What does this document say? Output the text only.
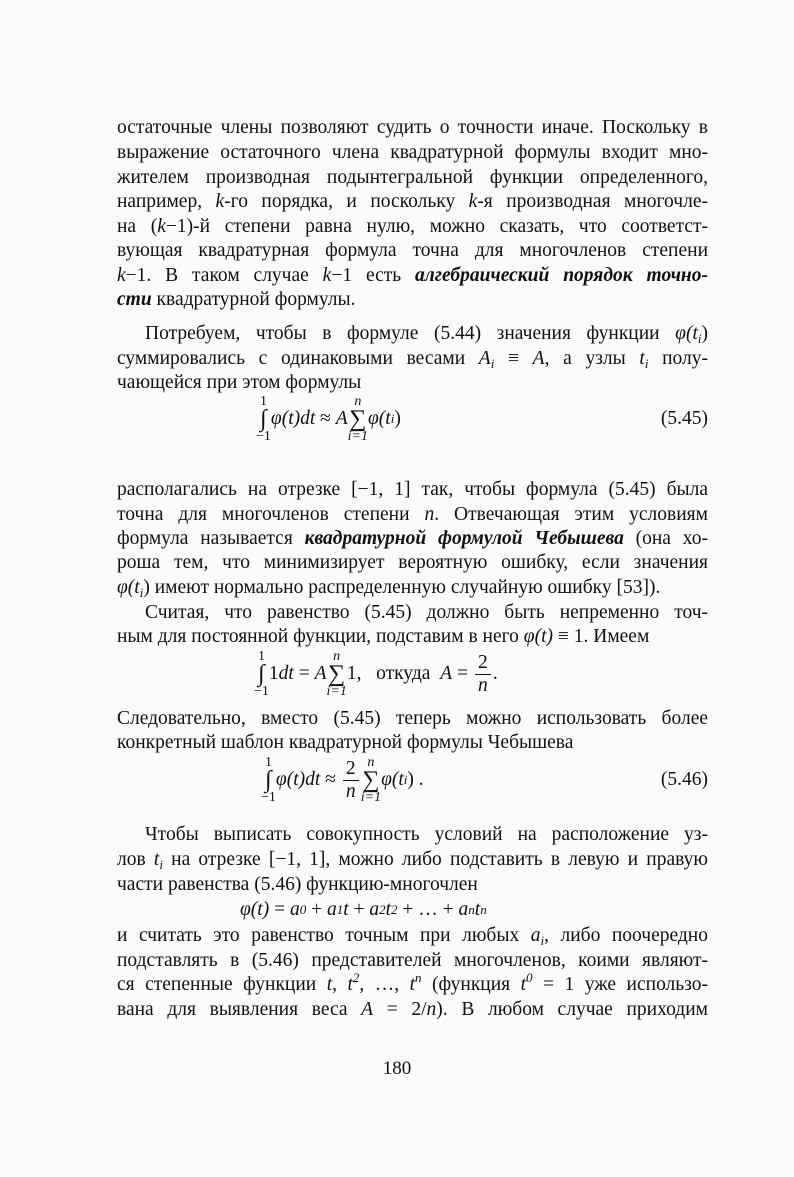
остаточные члены позволяют судить о точности иначе. Поскольку в
выражение остаточного члена квадратурной формулы входит мно-
жителем производная подынтегральной функции определенного,
например, k-го порядка, и поскольку k-я производная многочле-
на (k−1)-й степени равна нулю, можно сказать, что соответст-
вующая квадратурная формула точна для многочленов степени
k−1. В таком случае k−1 есть алгебраический порядок точно-
сти квадратурной формулы.
Потребуем, чтобы в формуле (5.44) значения функции $\varphi(t_i)$
суммировались с одинаковыми весами $A_i \equiv A$, а узлы $t_i$ полу-
чающейся при этом формулы
1
∫
−1
φ(t)dt ≈ A
n
∑
i=1
φ(t i )	(5.45)
располагались на отрезке [−1, 1] так, чтобы формула (5.45) была
точна для многочленов степени n. Отвечающая этим условиям
формула называется квадратурной формулой Чебышева (она хо-
роша тем, что минимизирует вероятную ошибку, если значения
$\varphi(t_i)$ имеют нормально распределенную случайную ошибку [53]).
Считая, что равенство (5.45) должно быть непременно точ-
ным для постоянной функции, подставим в него φ(t) ≡ 1. Имеем
1
∫
−1
1 dt = A
n
∑
i=1
1,   откуда $A = \frac{2}{n}$ .
Следовательно, вместо (5.45) теперь можно использовать более
конкретный шаблон квадратурной формулы Чебышева
1
∫
−1
$\varphi(t)dt \approx \frac{2}{n}$ n
∑
i=1
φ(t i ) .	(5.46)
Чтобы выписать совокупность условий на расположение уз-
лов $t_i$ на отрезке [−1, 1], можно либо подставить в левую и правую
части равенства (5.46) функцию-многочлен
φ(t) = a 0 + a 1 t + a 2 t 2 + … + a n t n
и считать это равенство точным при любых $a_i$, либо поочередно
подставлять в (5.46) представителей многочленов, коими являют-
ся степенные функции t, $t^2$, …, $t^n$ (функция $t^0 = 1$ уже использо-
вана для выявления веса A = 2/n). В любом случае приходим
180
